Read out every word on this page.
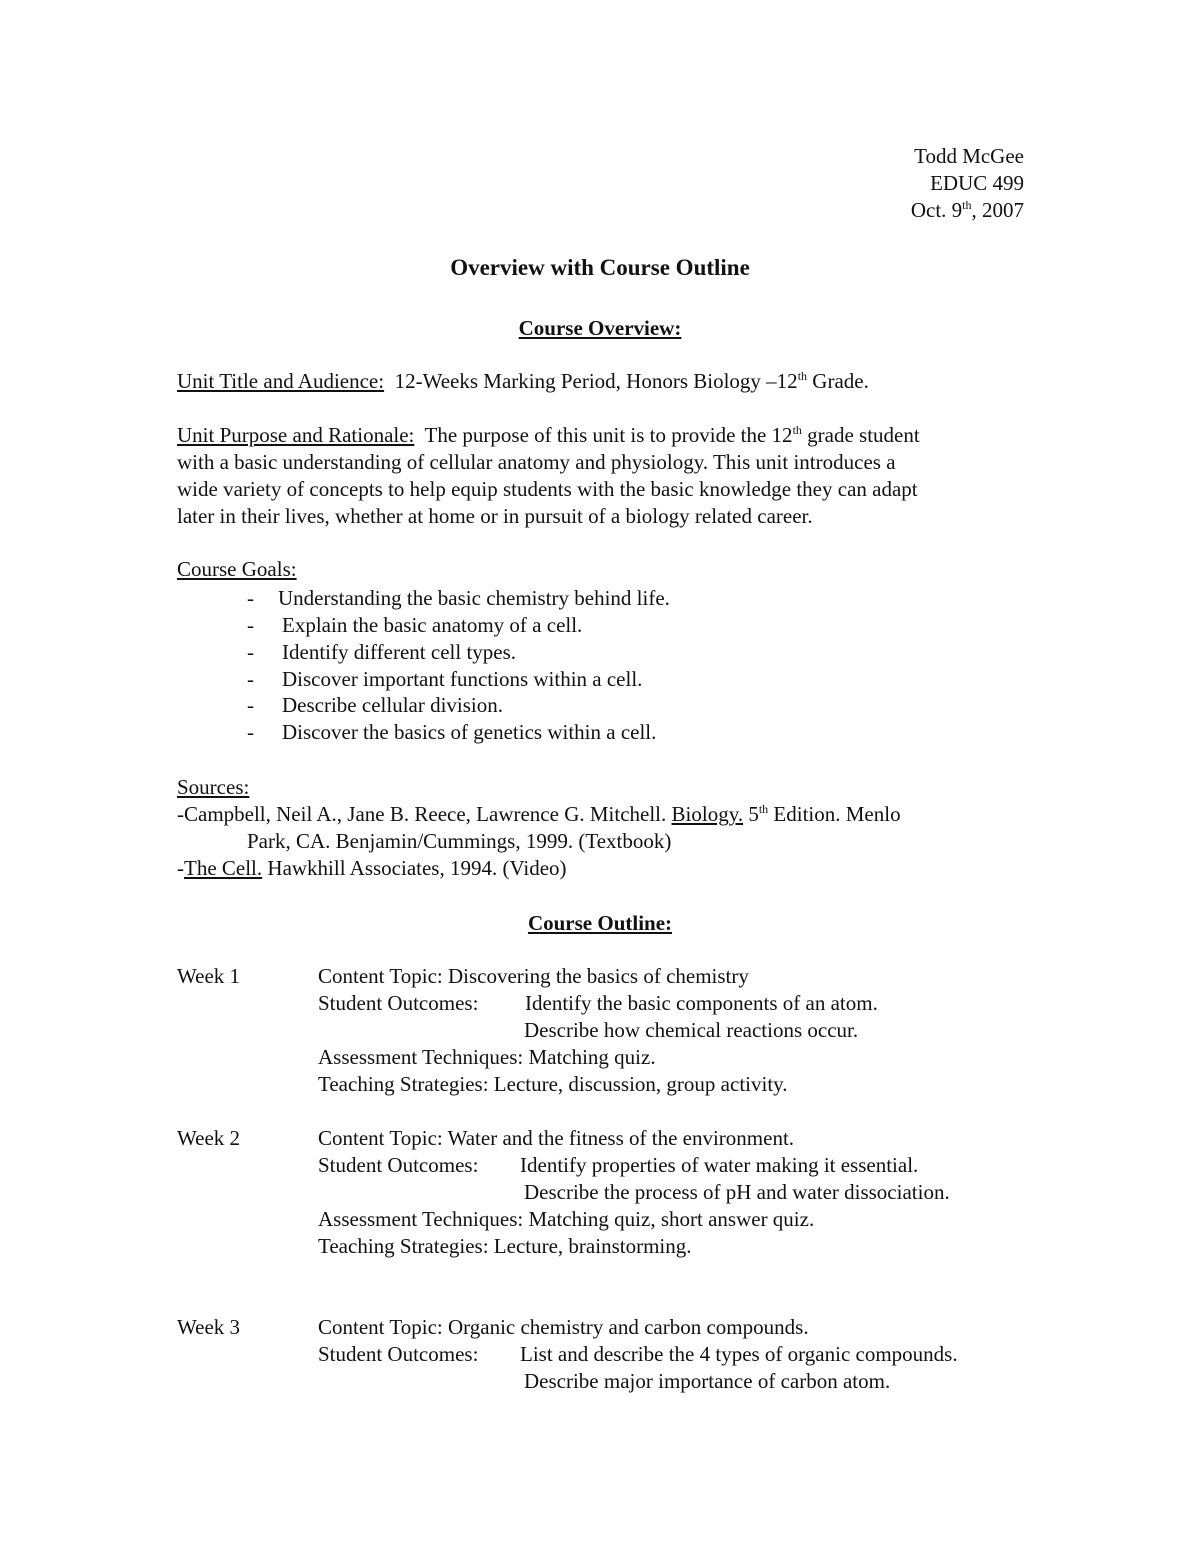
Todd McGee
EDUC 499
Oct. 9th, 2007
Overview with Course Outline
Course Overview:
Unit Title and Audience: 12-Weeks Marking Period, Honors Biology –12th Grade.
Unit Purpose and Rationale: The purpose of this unit is to provide the 12th grade student
with a basic understanding of cellular anatomy and physiology. This unit introduces a
wide variety of concepts to help equip students with the basic knowledge they can adapt
later in their lives, whether at home or in pursuit of a biology related career.
Course Goals:
- Understanding the basic chemistry behind life.
- Explain the basic anatomy of a cell.
- Identify different cell types.
- Discover important functions within a cell.
- Describe cellular division.
- Discover the basics of genetics within a cell.
Sources:
-Campbell, Neil A., Jane B. Reece, Lawrence G. Mitchell. Biology. 5th Edition. Menlo
Park, CA. Benjamin/Cummings, 1999. (Textbook)
-The Cell. Hawkhill Associates, 1994. (Video)
Course Outline:
Week 1	Content Topic: Discovering the basics of chemistry
Student Outcomes: Identify the basic components of an atom.
Describe how chemical reactions occur.
Assessment Techniques: Matching quiz.
Teaching Strategies: Lecture, discussion, group activity.
Week 2	Content Topic: Water and the fitness of the environment.
Student Outcomes: Identify properties of water making it essential.
Describe the process of pH and water dissociation.
Assessment Techniques: Matching quiz, short answer quiz.
Teaching Strategies: Lecture, brainstorming.
Week 3	Content Topic: Organic chemistry and carbon compounds.
Student Outcomes: List and describe the 4 types of organic compounds.
Describe major importance of carbon atom.
